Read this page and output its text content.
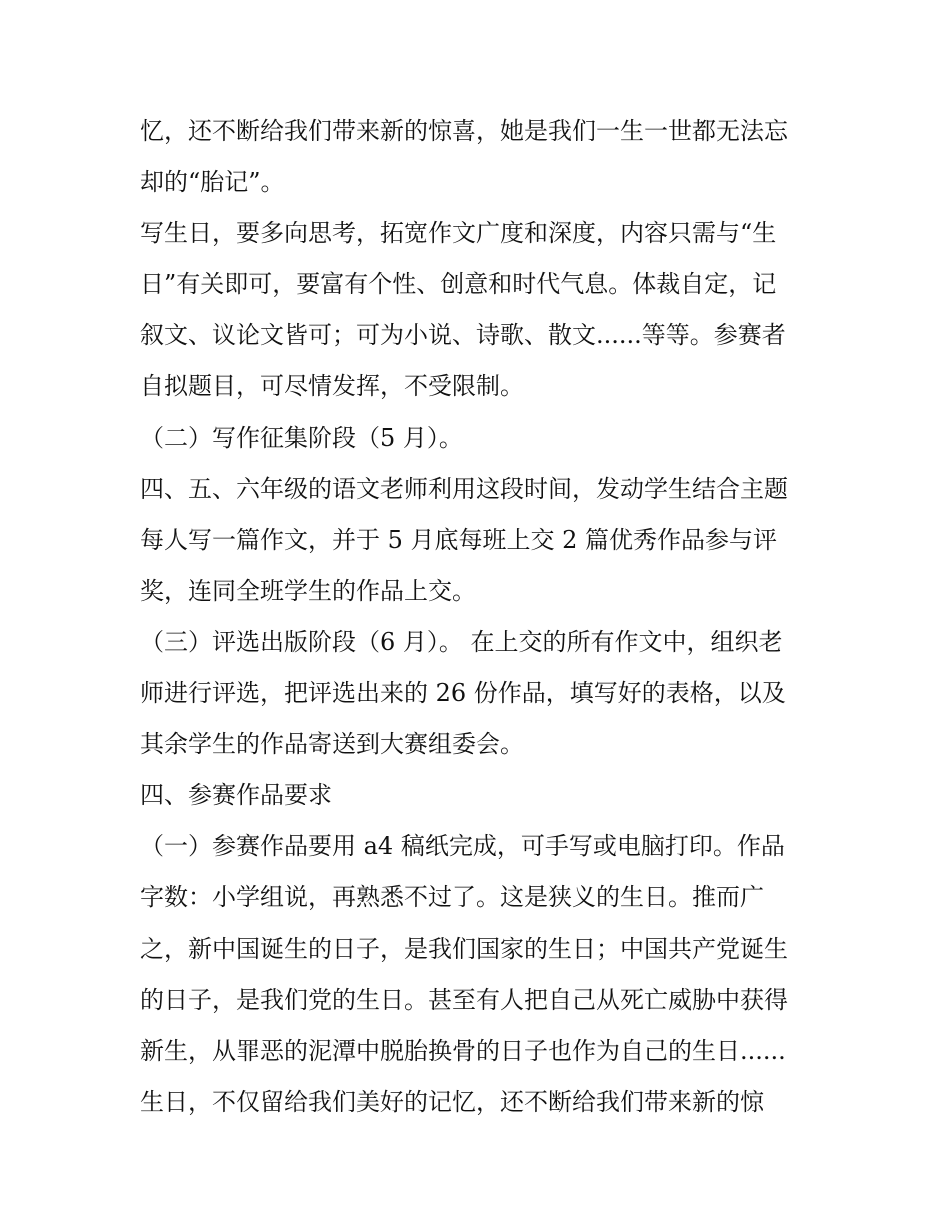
忆，还不断给我们带来新的惊喜，她是我们一生一世都无法忘
却的“胎记”。
写生日，要多向思考，拓宽作文广度和深度，内容只需与“生
日”有关即可，要富有个性、创意和时代气息。体裁自定，记
叙文、议论文皆可；可为小说、诗歌、散文......等等。参赛者
自拟题目，可尽情发挥，不受限制。
（二）写作征集阶段（5 月）。
四、五、六年级的语文老师利用这段时间，发动学生结合主题
每人写一篇作文，并于 5 月底每班上交 2 篇优秀作品参与评
奖，连同全班学生的作品上交。
（三）评选出版阶段（6 月）。 在上交的所有作文中，组织老
师进行评选，把评选出来的 26 份作品，填写好的表格，以及
其余学生的作品寄送到大赛组委会。
四、参赛作品要求
（一）参赛作品要用 a4 稿纸完成，可手写或电脑打印。作品
字数：小学组说，再熟悉不过了。这是狭义的生日。推而广
之，新中国诞生的日子，是我们国家的生日；中国共产党诞生
的日子，是我们党的生日。甚至有人把自己从死亡威胁中获得
新生，从罪恶的泥潭中脱胎换骨的日子也作为自己的生日......
生日，不仅留给我们美好的记忆，还不断给我们带来新的惊
